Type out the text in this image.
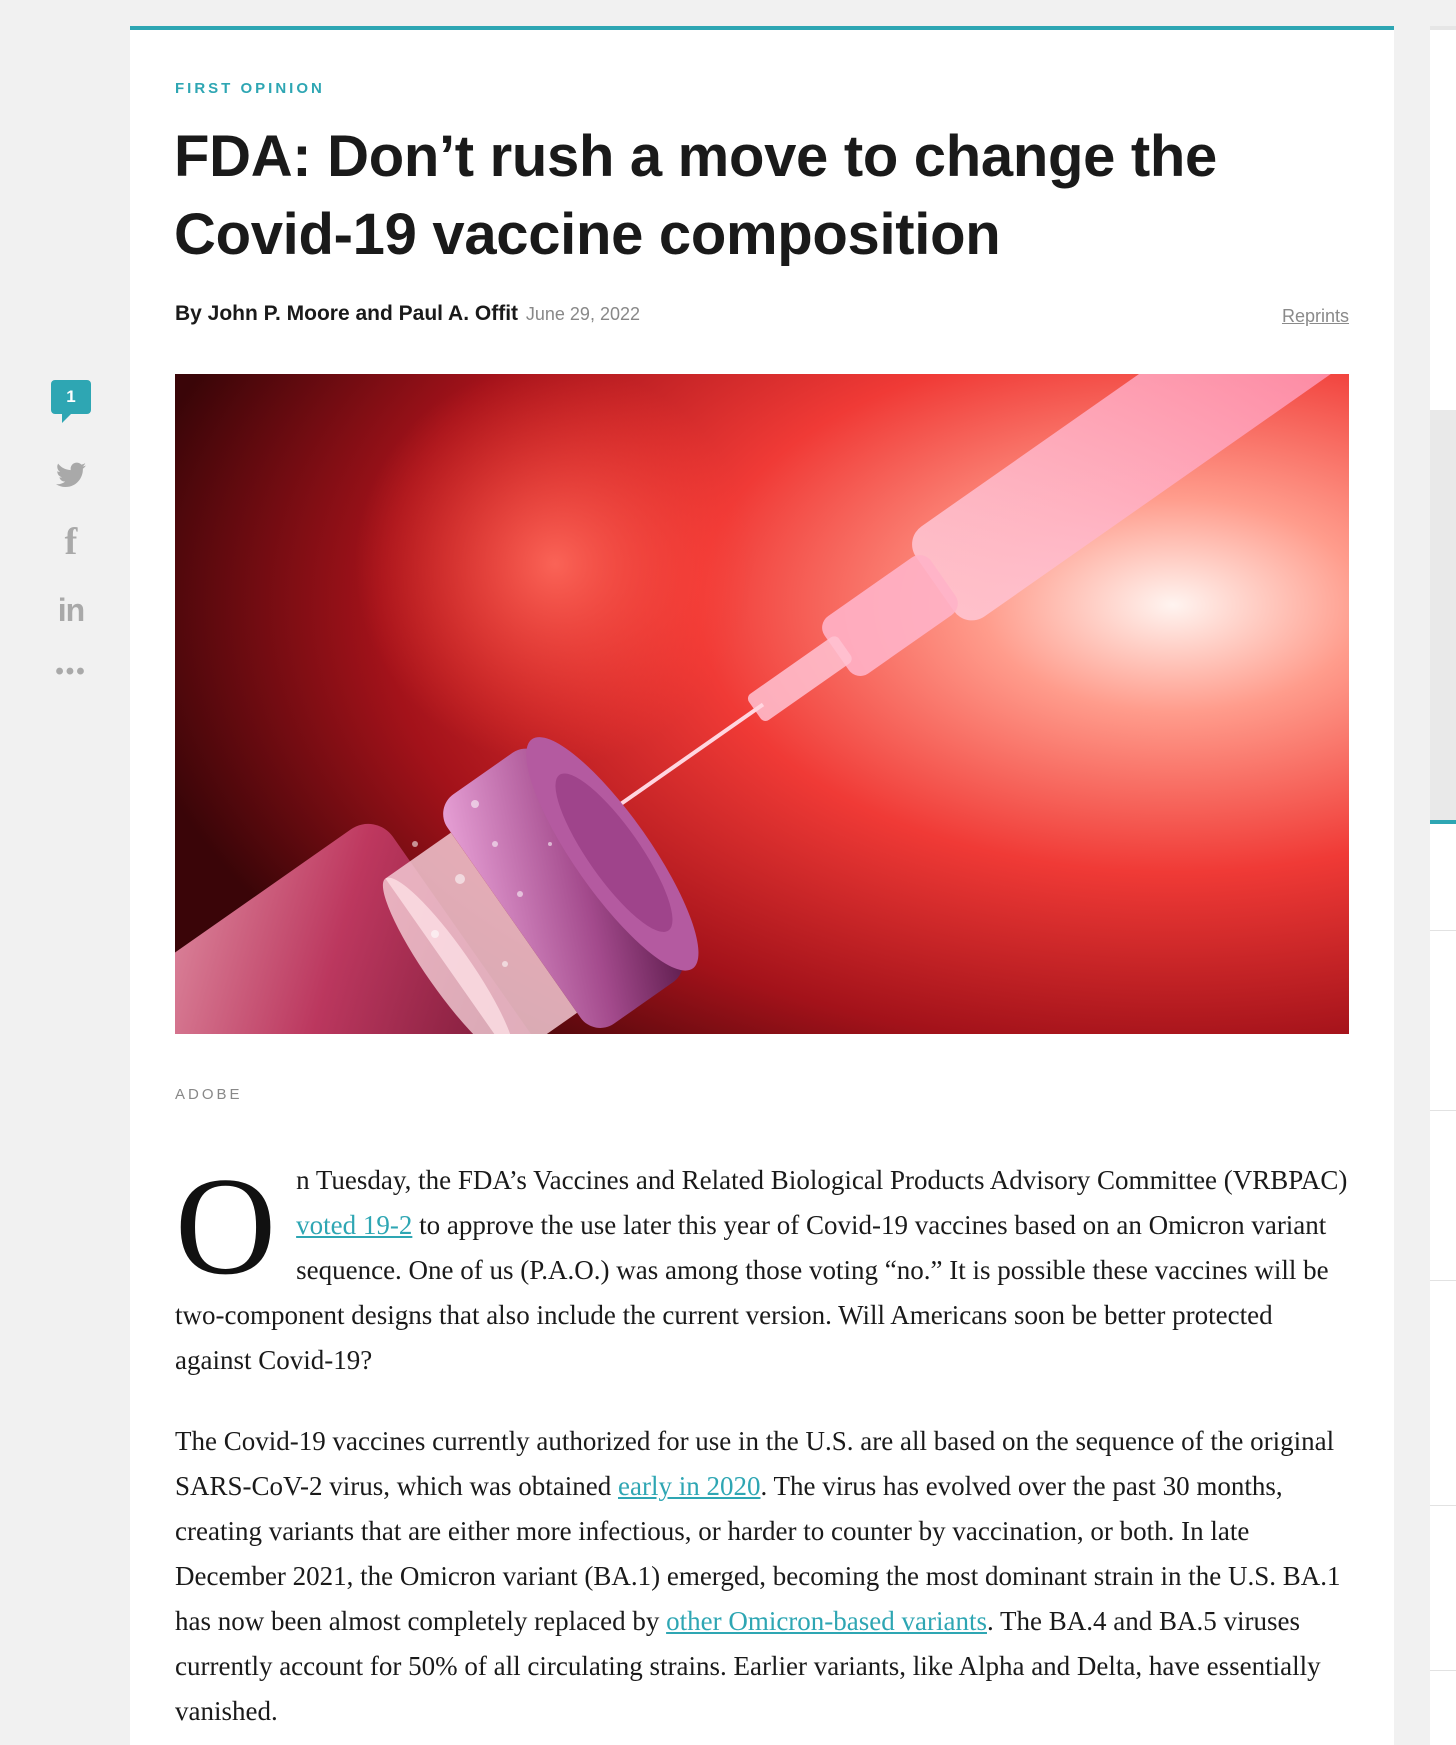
1
f
in
•••
FIRST OPINION
FDA: Don’t rush a move to change the Covid-19 vaccine composition
By John P. Moore and Paul A. Offit June 29, 2022	Reprints
ADOBE

On Tuesday, the FDA’s Vaccines and Related Biological Products Advisory Committee (VRBPAC) voted 19-2 to approve the use later this year of Covid-19 vaccines based on an Omicron variant sequence. One of us (P.A.O.) was among those voting “no.” It is possible these vaccines will be two-component designs that also include the current version. Will Americans soon be better protected against Covid-19?

The Covid-19 vaccines currently authorized for use in the U.S. are all based on the sequence of the original SARS-CoV-2 virus, which was obtained early in 2020. The virus has evolved over the past 30 months, creating variants that are either more infectious, or harder to counter by vaccination, or both. In late December 2021, the Omicron variant (BA.1) emerged, becoming the most dominant strain in the U.S. BA.1 has now been almost completely replaced by other Omicron-based variants. The BA.4 and BA.5 viruses currently account for 50% of all circulating strains. Earlier variants, like Alpha and Delta, have essentially vanished.
